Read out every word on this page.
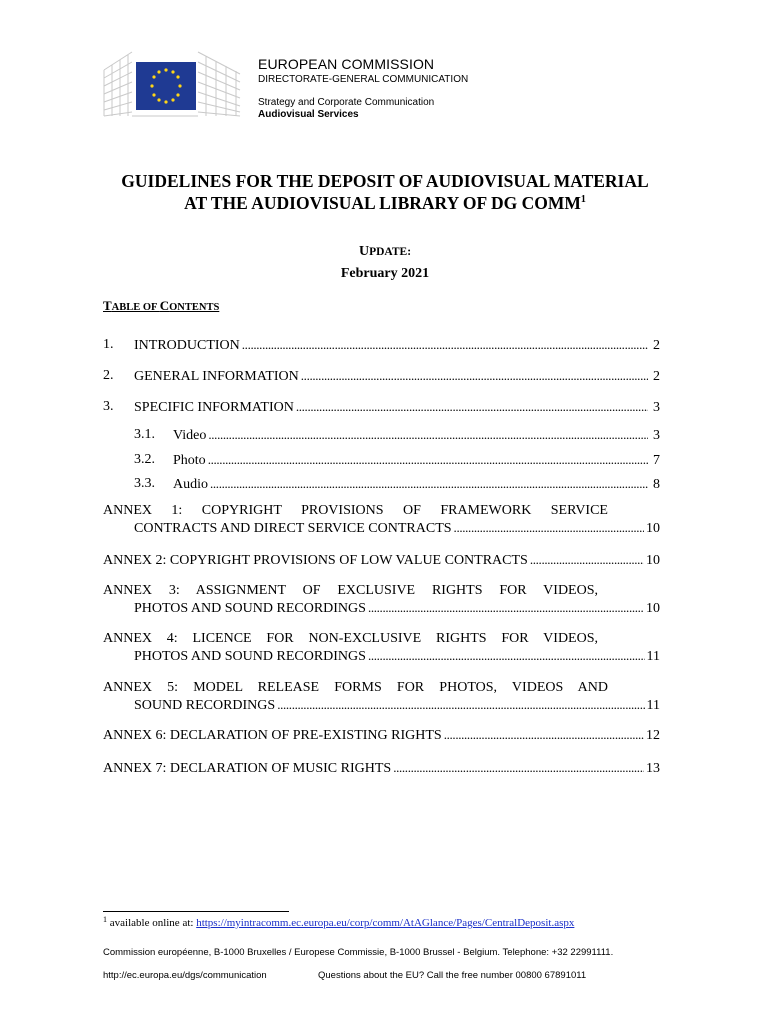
EUROPEAN COMMISSION
DIRECTORATE-GENERAL COMMUNICATION
Strategy and Corporate Communication
Audiovisual Services
GUIDELINES FOR THE DEPOSIT OF AUDIOVISUAL MATERIAL
AT THE AUDIOVISUAL LIBRARY OF DG COMM$^1$
UPDATE:
February 2021
TABLE OF CONTENTS
1. INTRODUCTION . . .	2
2. GENERAL INFORMATION . . .	2
3. SPECIFIC INFORMATION . . .	3
3.1. Video . . .	3
3.2. Photo . . .	7
3.3. Audio . . .	8
ANNEX 1: COPYRIGHT PROVISIONS OF FRAMEWORK SERVICE
CONTRACTS AND DIRECT SERVICE CONTRACTS . . .	10
ANNEX 2: COPYRIGHT PROVISIONS OF LOW VALUE CONTRACTS . . .	10
ANNEX 3: ASSIGNMENT OF EXCLUSIVE RIGHTS FOR VIDEOS,
PHOTOS AND SOUND RECORDINGS . . .	10
ANNEX 4: LICENCE FOR NON-EXCLUSIVE RIGHTS FOR VIDEOS,
PHOTOS AND SOUND RECORDINGS . . .	11
ANNEX 5: MODEL RELEASE FORMS FOR PHOTOS, VIDEOS AND
SOUND RECORDINGS . . .	11
ANNEX 6: DECLARATION OF PRE-EXISTING RIGHTS . . .	12
ANNEX 7: DECLARATION OF MUSIC RIGHTS . . .	13
$^1$ available online at: https://myintracomm.ec.europa.eu/corp/comm/AtAGlance/Pages/CentralDeposit.aspx
Commission européenne, B-1000 Bruxelles / Europese Commissie, B-1000 Brussel - Belgium. Telephone: +32 22991111.
http://ec.europa.eu/dgs/communication	Questions about the EU? Call the free number 00800 67891011
